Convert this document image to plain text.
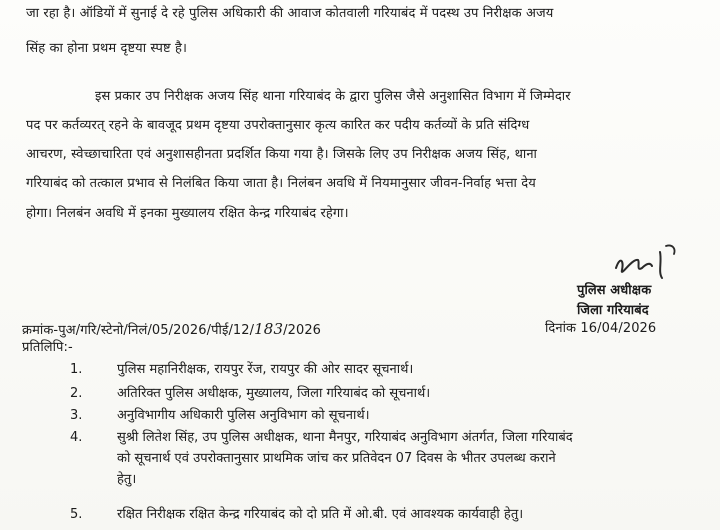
जा रहा है। ऑडियों में सुनाई दे रहे पुलिस अधिकारी की आवाज कोतवाली गरियाबंद में पदस्थ उप निरीक्षक अजय
सिंह का होना प्रथम दृष्टया स्पष्ट है।
इस प्रकार उप निरीक्षक अजय सिंह थाना गरियाबंद के द्वारा पुलिस जैसे अनुशासित विभाग में जिम्मेदार
पद पर कर्तव्यरत् रहने के बावजूद प्रथम दृष्टया उपरोक्तानुसार कृत्य कारित कर पदीय कर्तव्यों के प्रति संदिग्ध
आचरण, स्वेच्छाचारिता एवं अनुशासहीनता प्रदर्शित किया गया है। जिसके लिए उप निरीक्षक अजय सिंह, थाना
गरियाबंद को तत्काल प्रभाव से निलंबित किया जाता है। निलंबन अवधि में नियमानुसार जीवन-निर्वाह भत्ता देय
होगा। निलबंन अवधि में इनका मुख्यालय रक्षित केन्द्र गरियाबंद रहेगा।
पुलिस अधीक्षक
जिला गरियाबंद
क्रमांक-पुअ/गरि/स्टेनो/निलं/05/2026/पीई/12/183/2026	दिनांक 16/04/2026
प्रतिलिपि:-
1.	पुलिस महानिरीक्षक, रायपुर रेंज, रायपुर की ओर सादर सूचनार्थ।
2.	अतिरिक्त पुलिस अधीक्षक, मुख्यालय, जिला गरियाबंद को सूचनार्थ।
3.	अनुविभागीय अधिकारी पुलिस अनुविभाग को सूचनार्थ।
4.	सुश्री लितेश सिंह, उप पुलिस अधीक्षक, थाना मैनपुर, गरियाबंद अनुविभाग अंतर्गत, जिला गरियाबंद
को सूचनार्थ एवं उपरोक्तानुसार प्राथमिक जांच कर प्रतिवेदन 07 दिवस के भीतर उपलब्ध कराने
हेतु।
5.	रक्षित निरीक्षक रक्षित केन्द्र गरियाबंद को दो प्रति में ओ.बी. एवं आवश्यक कार्यवाही हेतु।
